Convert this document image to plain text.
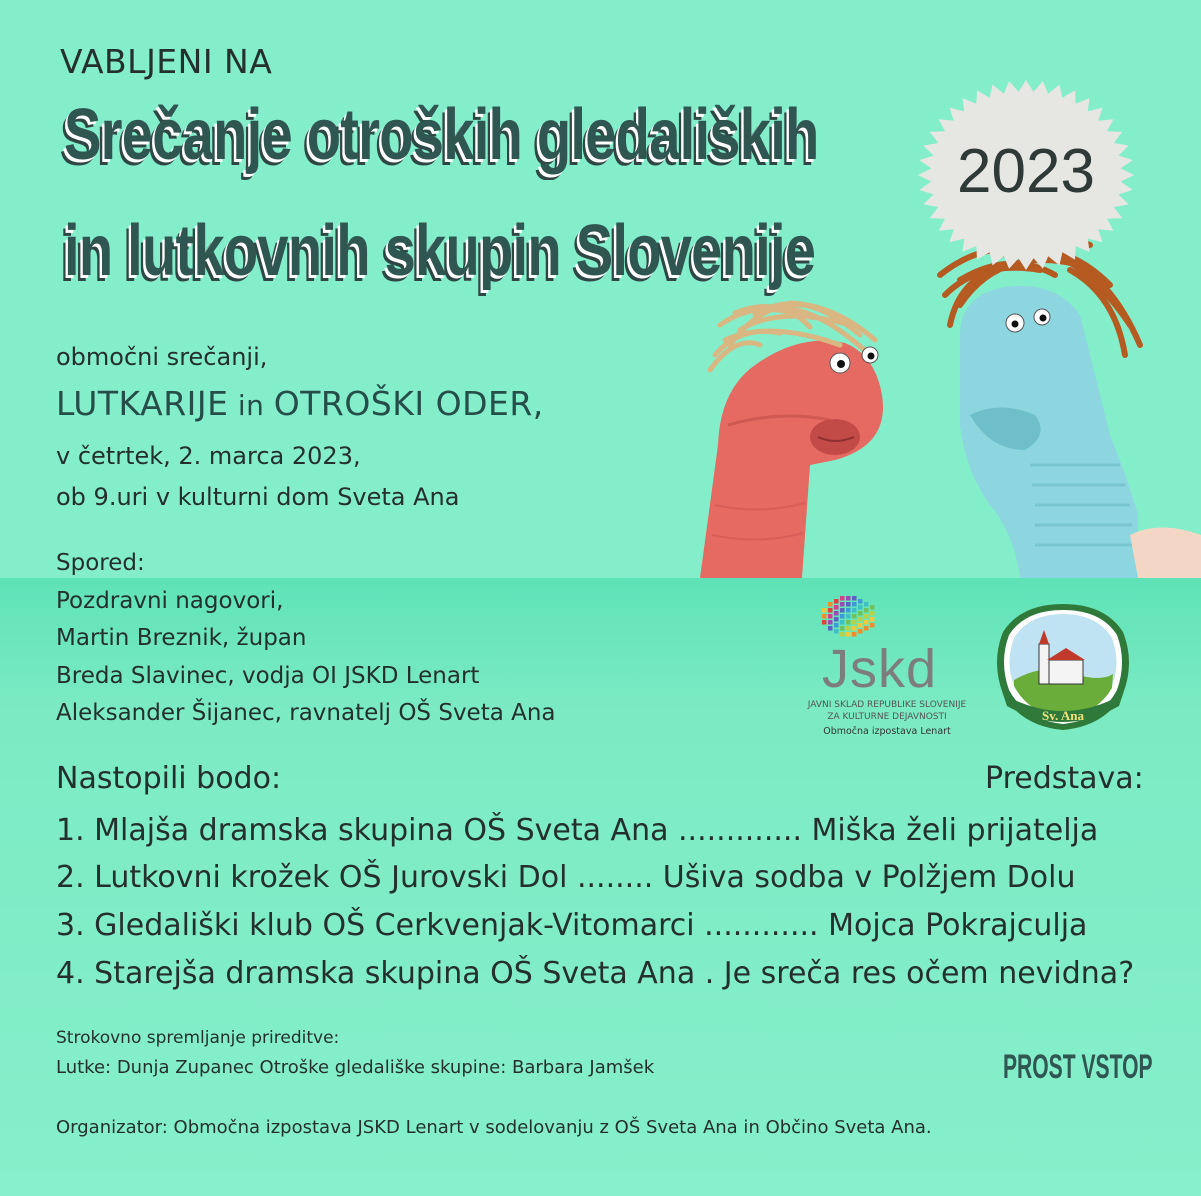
2023
VABLJENI NA
Srečanje otroških gledaliških
in lutkovnih skupin Slovenije
območni srečanji,
LUTKARIJE in OTROŠKI ODER,
v četrtek, 2. marca 2023,
ob 9.uri v kulturni dom Sveta Ana
Spored:
Pozdravni nagovori,
Martin Breznik, župan
Breda Slavinec, vodja OI JSKD Lenart
Aleksander Šijanec, ravnatelj OŠ Sveta Ana
Jskd
JAVNI SKLAD REPUBLIKE SLOVENIJE
ZA KULTURNE DEJAVNOSTI
Območna izpostava Lenart
Sv. Ana
Nastopili bodo:	Predstava:
1. Mlajša dramska skupina OŠ Sveta Ana ............. Miška želi prijatelja
2. Lutkovni krožek OŠ Jurovski Dol ........ Ušiva sodba v Polžjem Dolu
3. Gledališki klub OŠ Cerkvenjak-Vitomarci ............ Mojca Pokrajculja
4. Starejša dramska skupina OŠ Sveta Ana . Je sreča res očem nevidna?
Strokovno spremljanje prireditve:
Lutke: Dunja Zupanec Otroške gledališke skupine: Barbara Jamšek	PROST VSTOP
Organizator: Območna izpostava JSKD Lenart v sodelovanju z OŠ Sveta Ana in Občino Sveta Ana.
